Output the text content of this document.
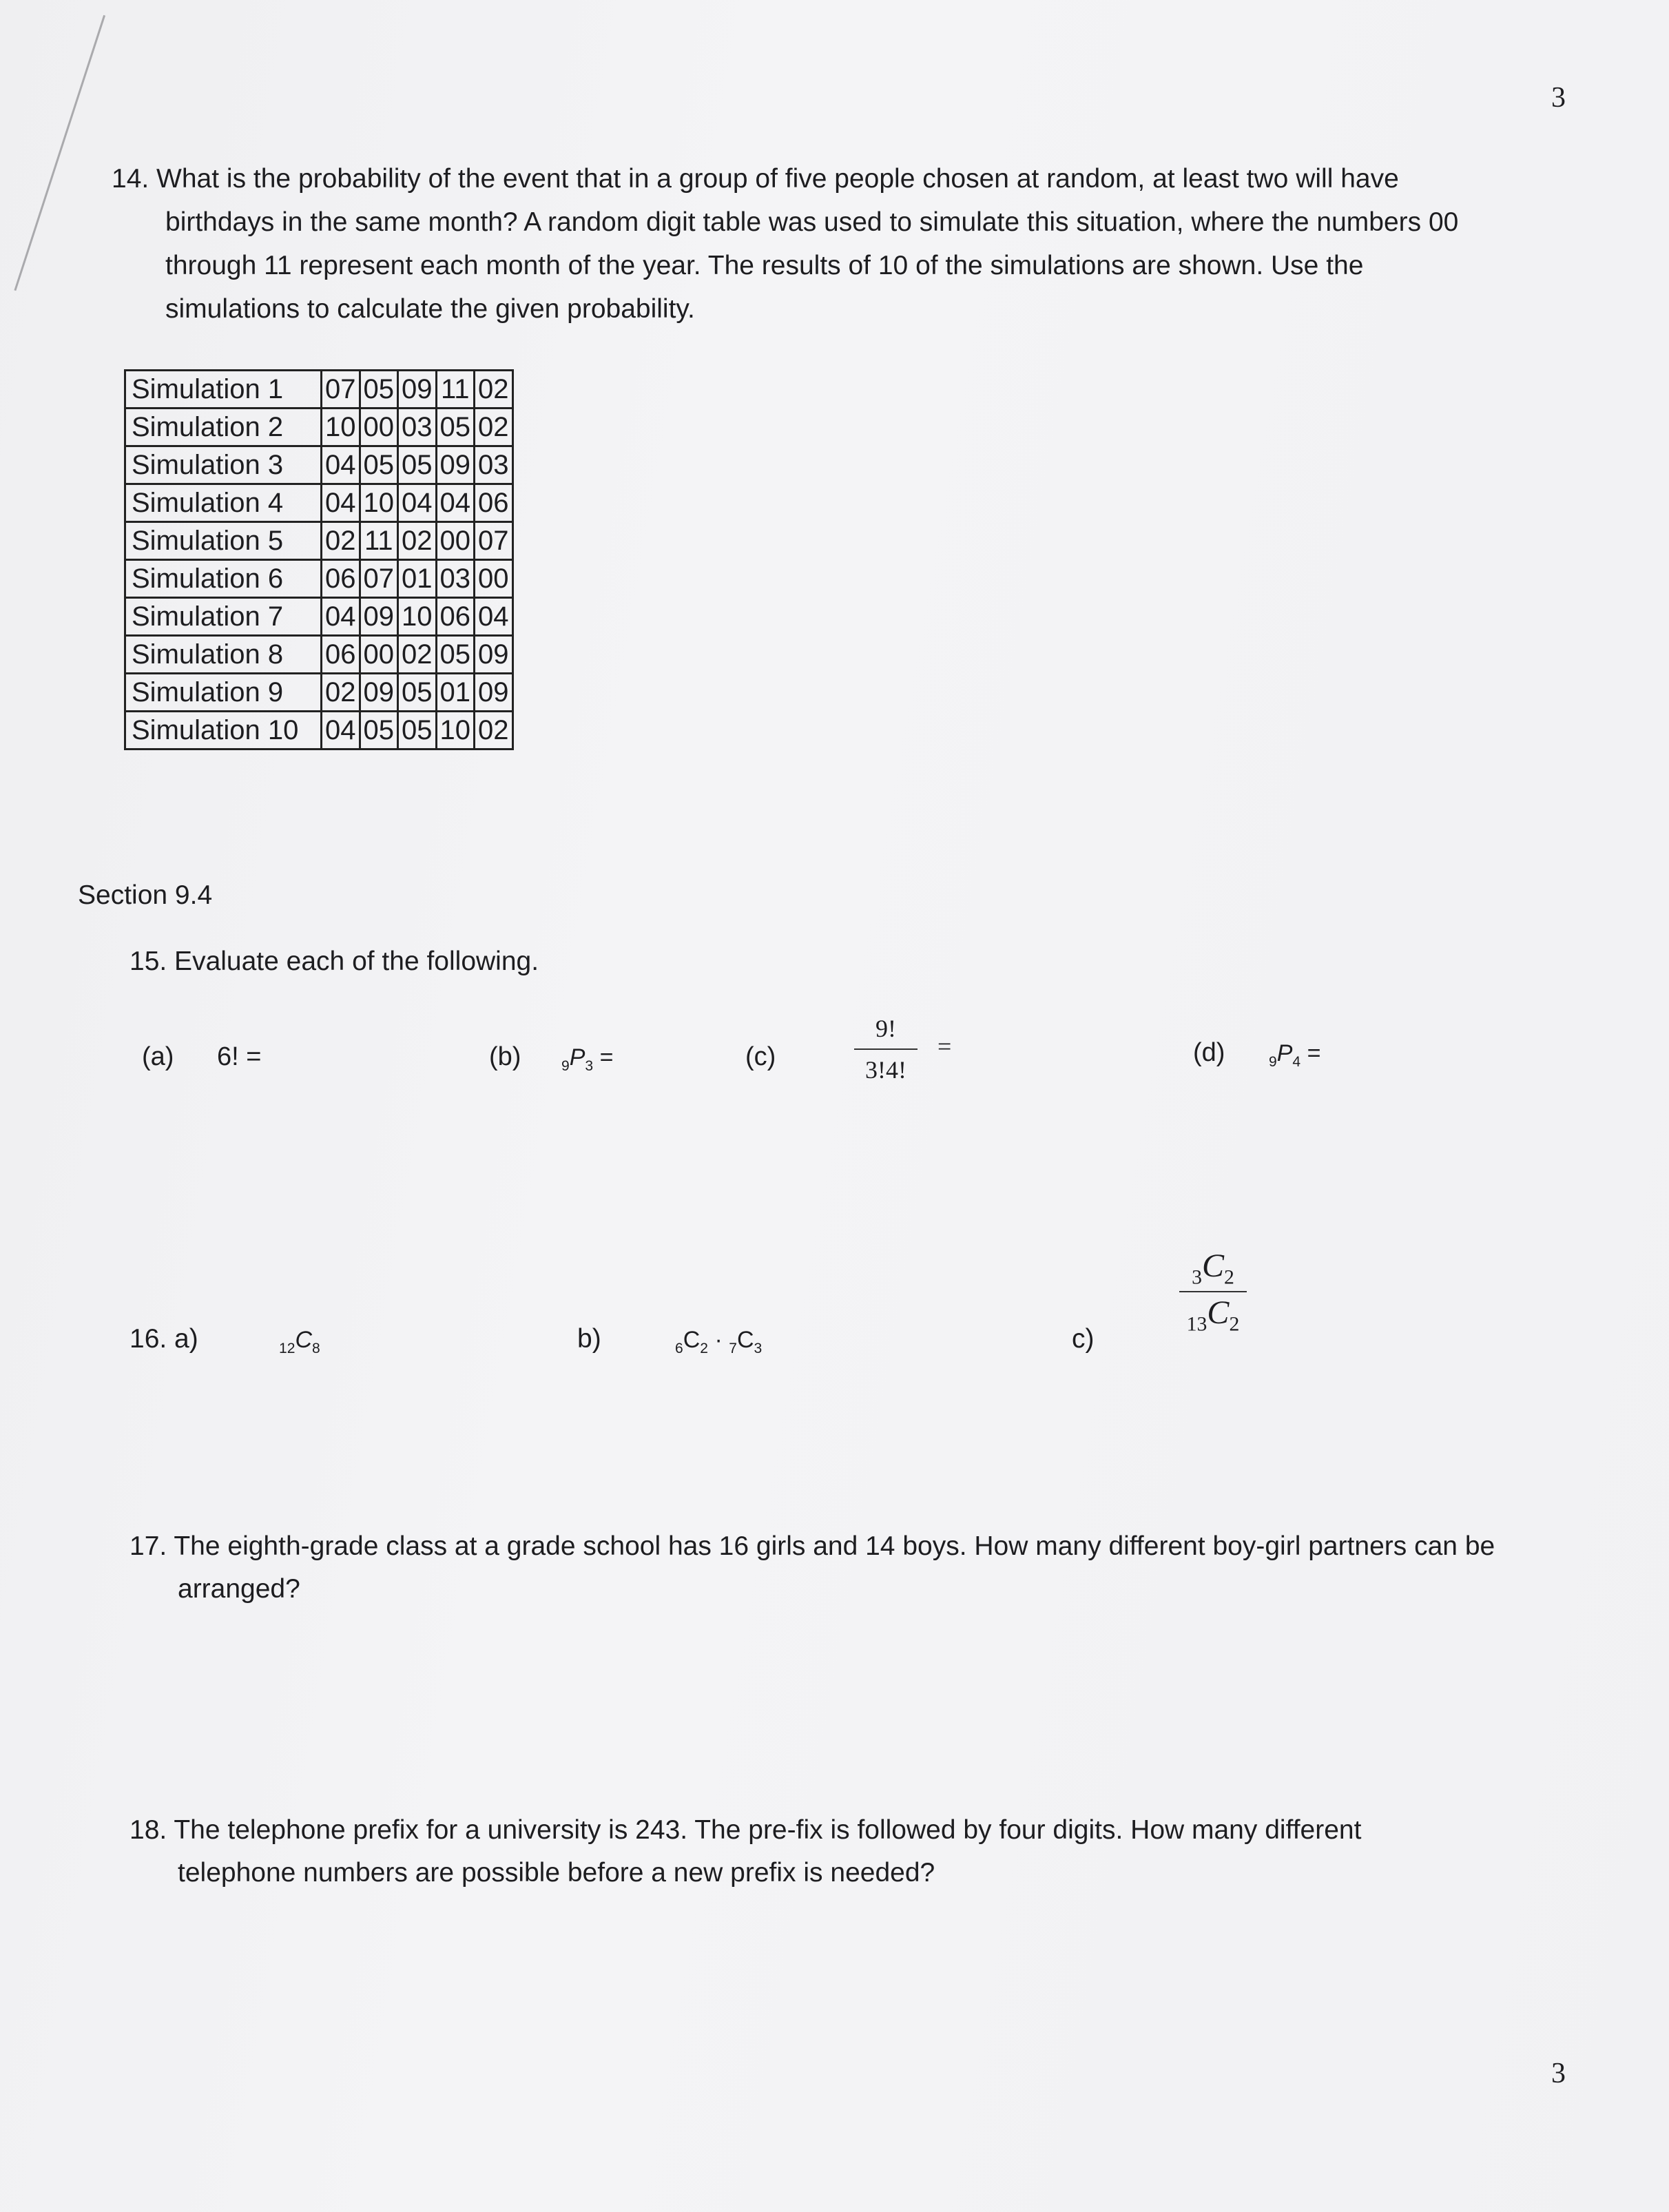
3
14. What is the probability of the event that in a group of five people chosen at random, at least two will have
birthdays in the same month? A random digit table was used to simulate this situation, where the numbers 00
through 11 represent each month of the year. The results of 10 of the simulations are shown. Use the
simulations to calculate the given probability.
Simulation 1	07	05	09	11	02
Simulation 2	10	00	03	05	02
Simulation 3	04	05	05	09	03
Simulation 4	04	10	04	04	06
Simulation 5	02	11	02	00	07
Simulation 6	06	07	01	03	00
Simulation 7	04	09	10	06	04
Simulation 8	06	00	02	05	09
Simulation 9	02	09	05	01	09
Simulation 10	04	05	05	10	02
Section 9.4
15. Evaluate each of the following.
(a) 6! =	(b)	$_9P_3$ =	(c)	$\frac{9!}{3!4!}$ =	(d)	$_9P_4$ =
16. a)	$_{12}C_8$	b)	$_6C_2 \cdot _7C_3$	c)
$\frac{_3C_2}{_{13}C_2}$
17. The eighth-grade class at a grade school has 16 girls and 14 boys. How many different boy-girl partners can be
arranged?
18. The telephone prefix for a university is 243. The pre-fix is followed by four digits. How many different
telephone numbers are possible before a new prefix is needed?
3
